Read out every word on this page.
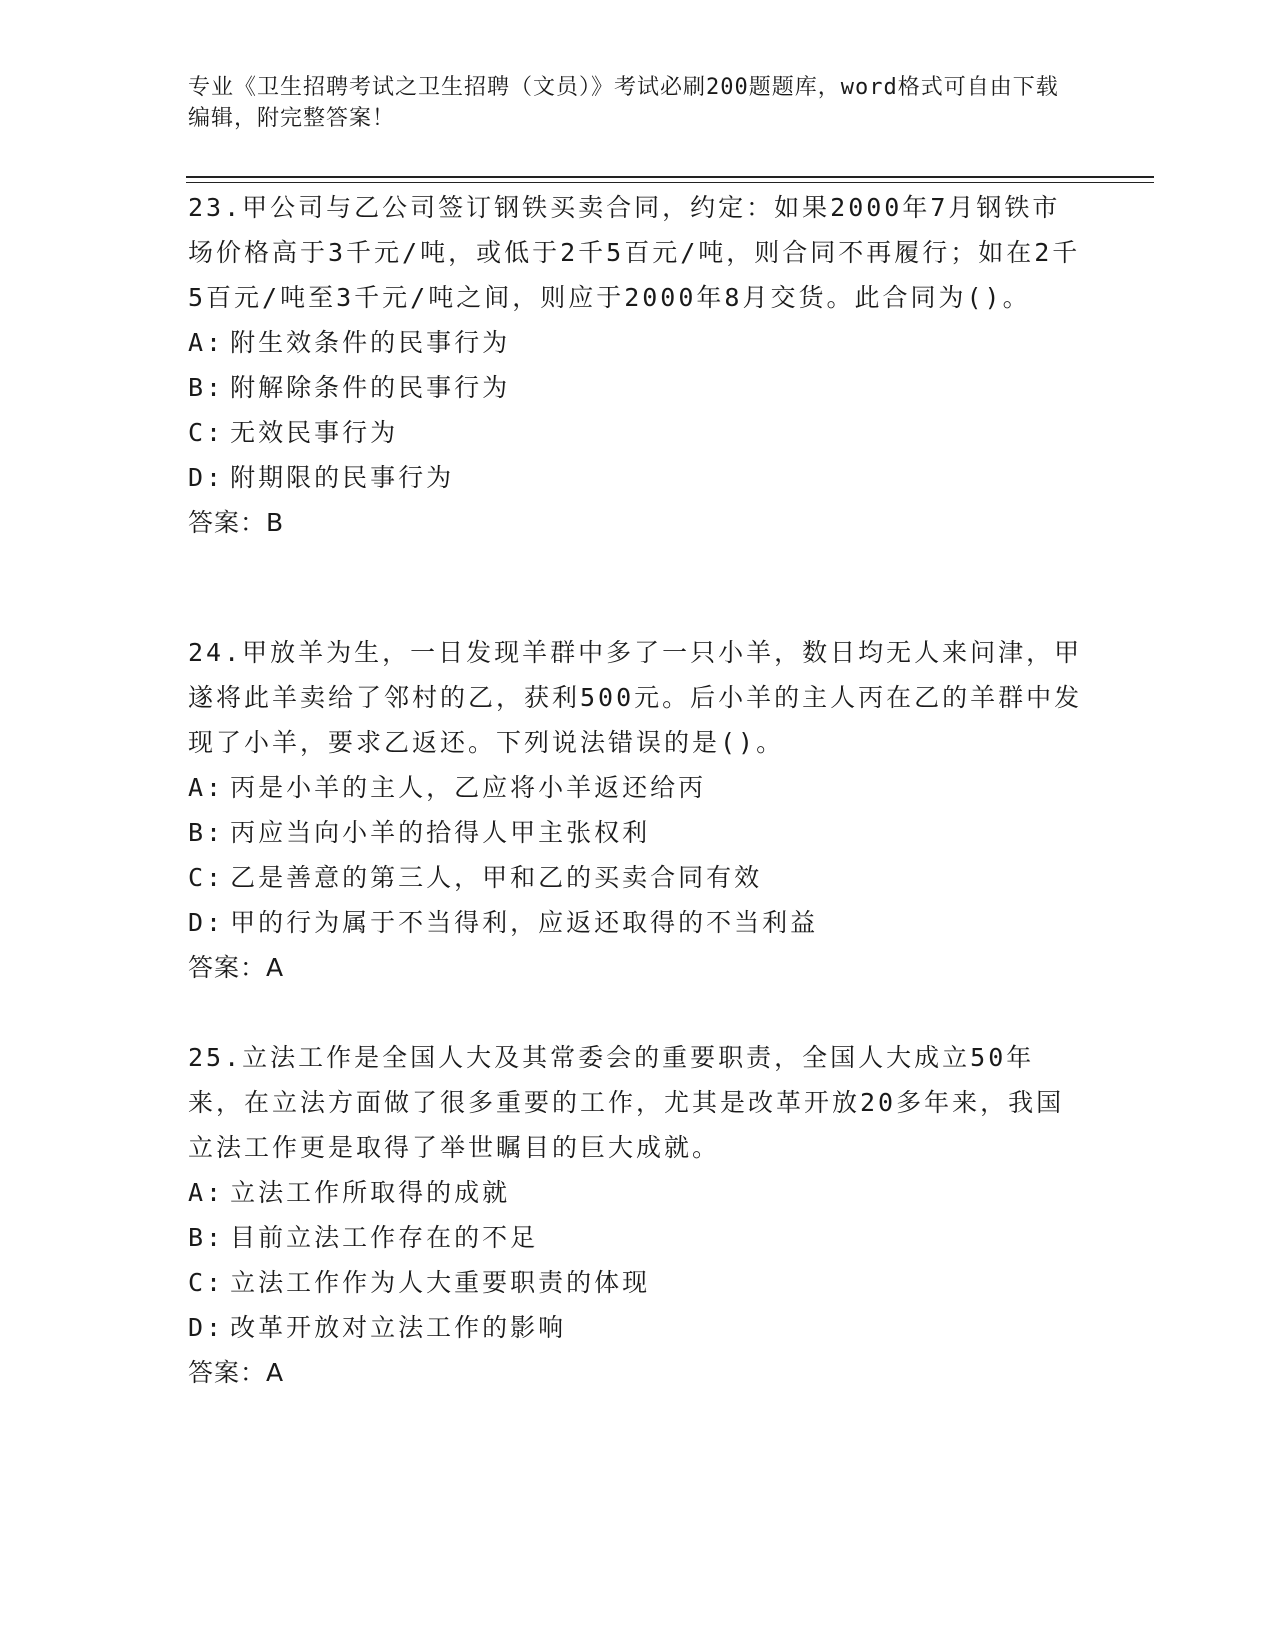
专业《卫生招聘考试之卫生招聘（文员）》考试必刷200题题库，word格式可自由下载编辑，附完整答案！

23.甲公司与乙公司签订钢铁买卖合同，约定：如果2000年7月钢铁市场价格高于3千元/吨，或低于2千5百元/吨，则合同不再履行；如在2千5百元/吨至3千元/吨之间，则应于2000年8月交货。此合同为()。

A: 附生效条件的民事行为

B: 附解除条件的民事行为

C: 无效民事行为

D: 附期限的民事行为

答案：B

24.甲放羊为生，一日发现羊群中多了一只小羊，数日均无人来问津，甲遂将此羊卖给了邻村的乙，获利500元。后小羊的主人丙在乙的羊群中发现了小羊，要求乙返还。下列说法错误的是()。

A: 丙是小羊的主人，乙应将小羊返还给丙

B: 丙应当向小羊的拾得人甲主张权利

C: 乙是善意的第三人，甲和乙的买卖合同有效

D: 甲的行为属于不当得利，应返还取得的不当利益

答案：A

25.立法工作是全国人大及其常委会的重要职责，全国人大成立50年来，在立法方面做了很多重要的工作，尤其是改革开放20多年来，我国立法工作更是取得了举世瞩目的巨大成就。

A: 立法工作所取得的成就

B: 目前立法工作存在的不足

C: 立法工作作为人大重要职责的体现

D: 改革开放对立法工作的影响

答案：A
